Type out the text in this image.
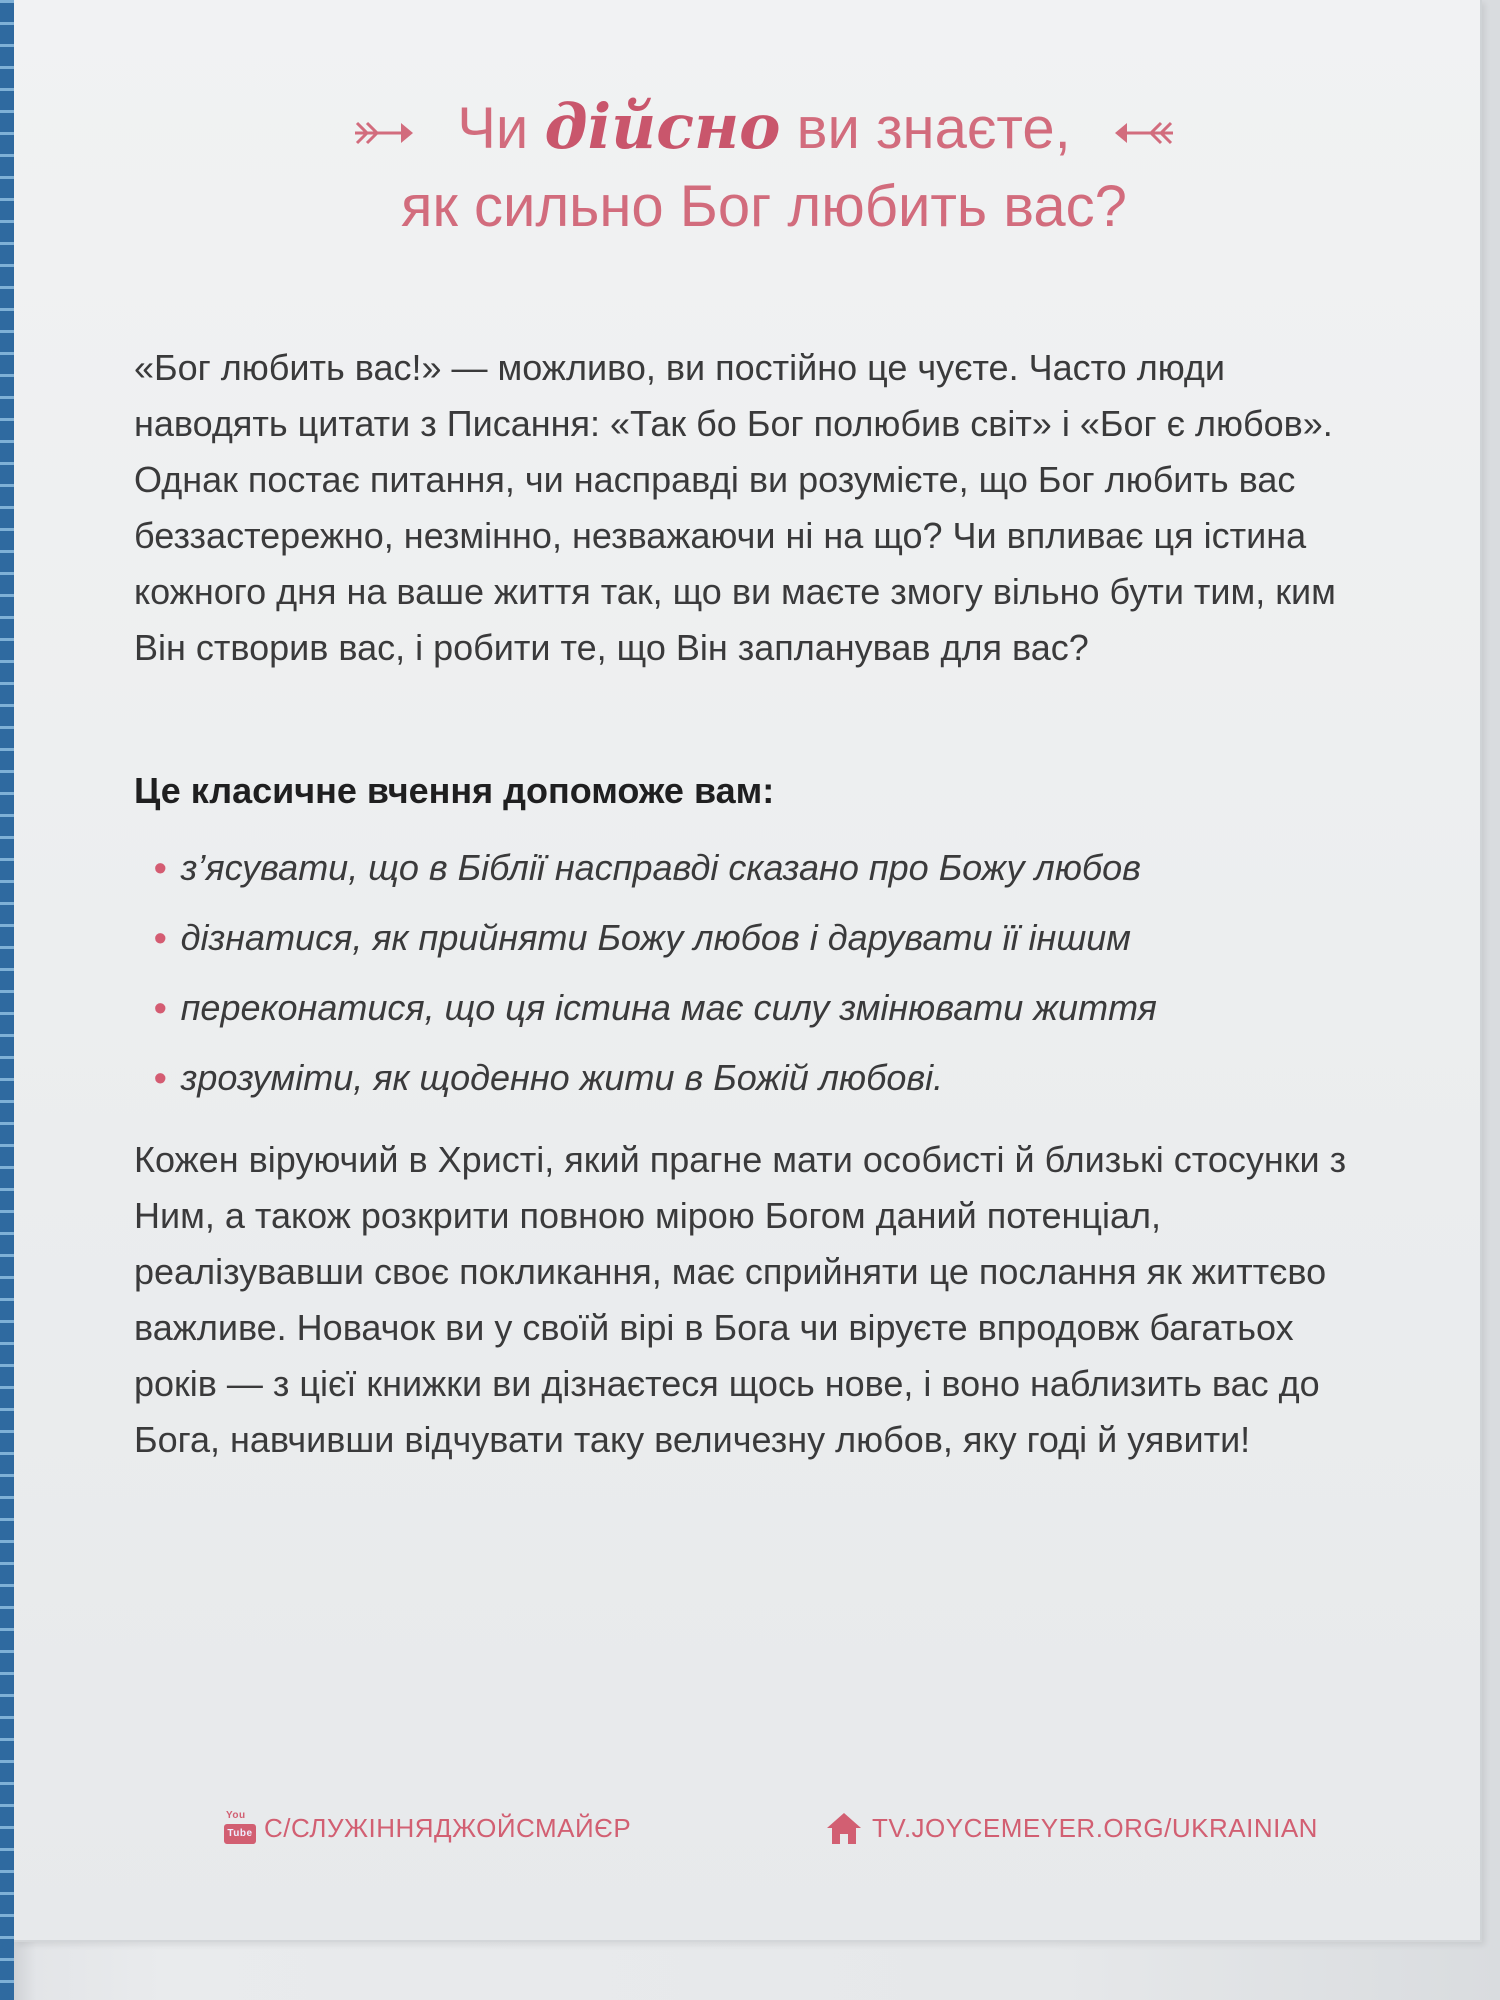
Чи дійсно ви знаєте,
як сильно Бог любить вас?
«Бог любить вас!» — можливо, ви постійно це чуєте. Часто люди наводять цитати з Писання: «Так бо Бог полюбив світ» і «Бог є любов». Однак постає питання, чи насправді ви розумієте, що Бог любить вас беззастережно, незмінно, незважаючи ні на що? Чи впливає ця істина кожного дня на ваше життя так, що ви маєте змогу вільно бути тим, ким Він створив вас, і робити те, що Він запланував для вас?
Це класичне вчення допоможе вам:
• з’ясувати, що в Біблії насправді сказано про Божу любов
• дізнатися, як прийняти Божу любов і дарувати її іншим
• переконатися, що ця істина має силу змінювати життя
• зрозуміти, як щоденно жити в Божій любові.
Кожен віруючий в Христі, який прагне мати особисті й близькі стосунки з Ним, а також розкрити повною мірою Богом даний потенціал, реалізувавши своє покликання, має сприйняти це послання як життєво важливе. Новачок ви у своїй вірі в Бога чи віруєте впродовж багатьох років — з цієї книжки ви дізнаєтеся щось нове, і воно наблизить вас до Бога, навчивши відчувати таку величезну любов, яку годі й уявити!
You
Tube C/СЛУЖІННЯДЖОЙСМАЙЄР	TV.JOYCEMEYER.ORG/UKRAINIAN
